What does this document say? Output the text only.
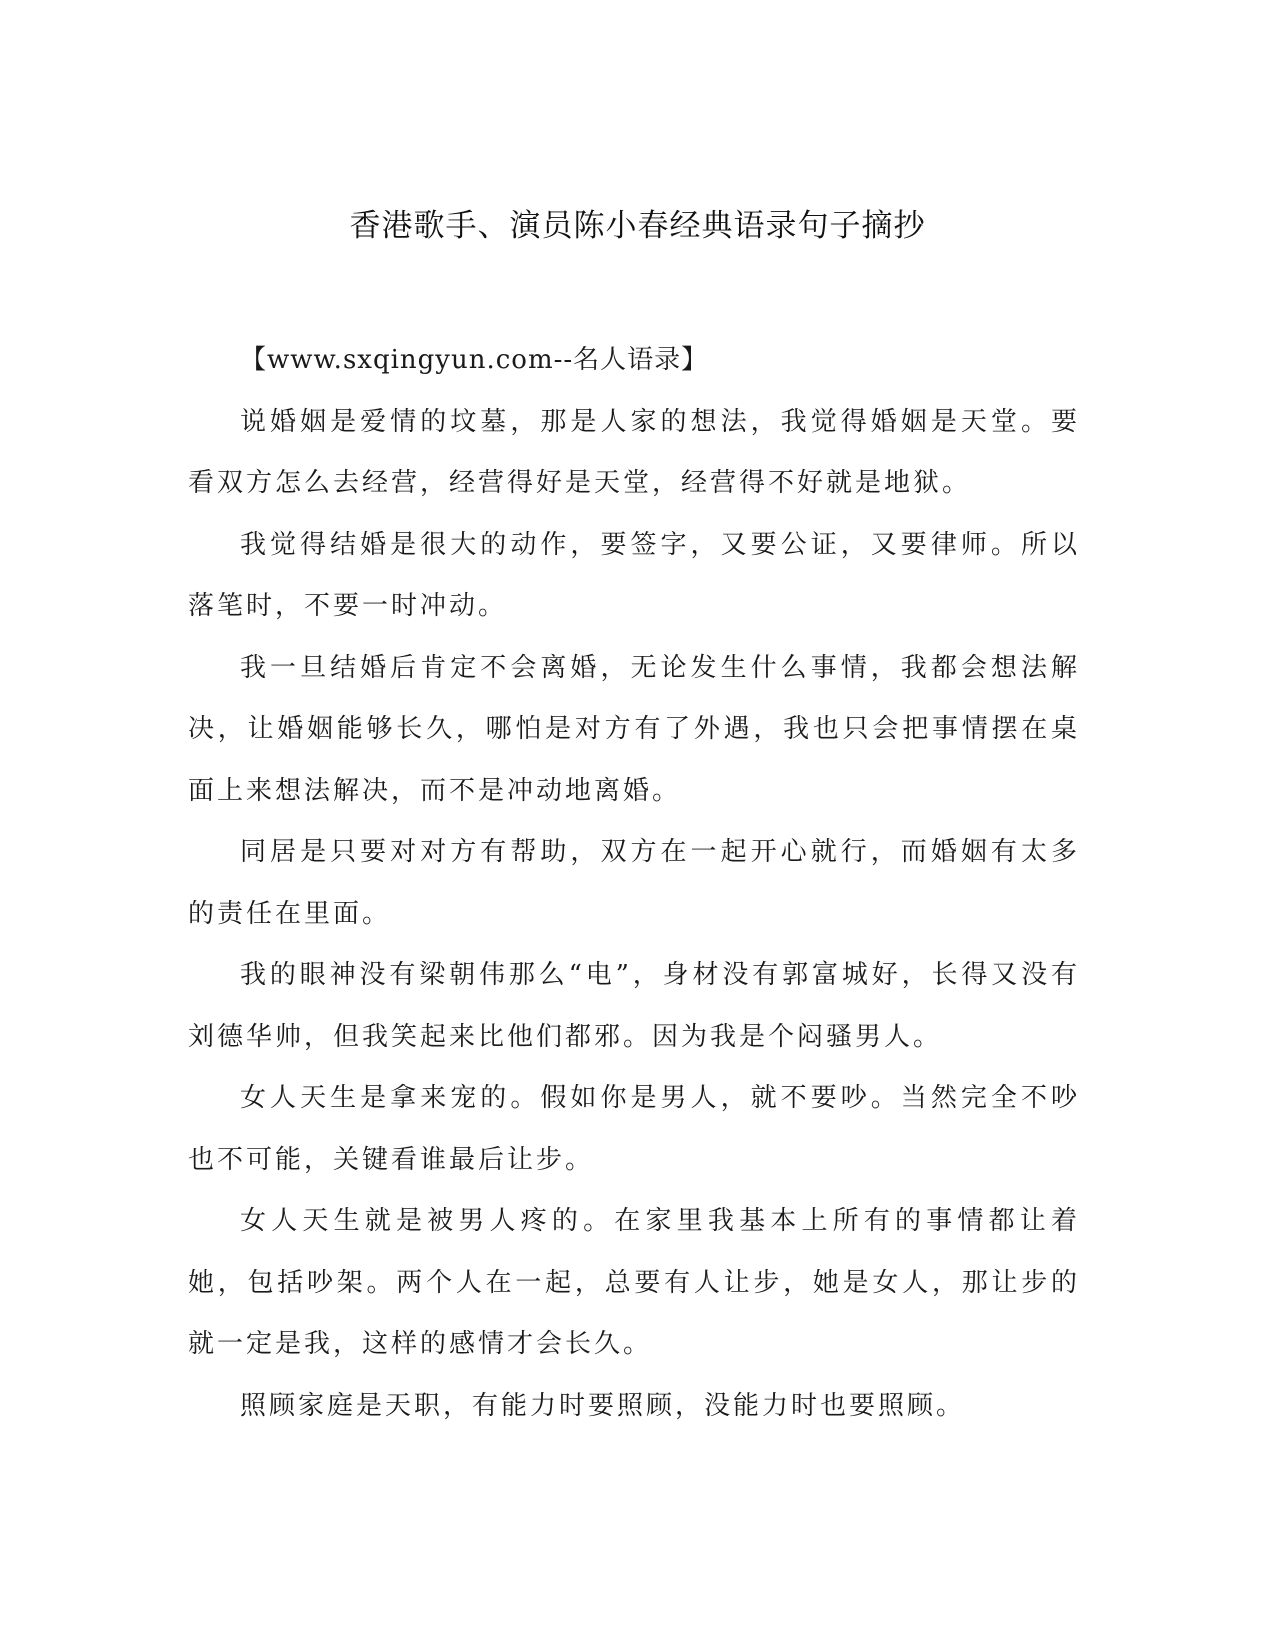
香港歌手、演员陈小春经典语录句子摘抄

【www.sxqingyun.com--名人语录】

说婚姻是爱情的坟墓，那是人家的想法，我觉得婚姻是天堂。要看双方怎么去经营，经营得好是天堂，经营得不好就是地狱。

我觉得结婚是很大的动作，要签字，又要公证，又要律师。所以落笔时，不要一时冲动。

我一旦结婚后肯定不会离婚，无论发生什么事情，我都会想法解决，让婚姻能够长久，哪怕是对方有了外遇，我也只会把事情摆在桌面上来想法解决，而不是冲动地离婚。

同居是只要对对方有帮助，双方在一起开心就行，而婚姻有太多的责任在里面。

我的眼神没有梁朝伟那么“电”，身材没有郭富城好，长得又没有刘德华帅，但我笑起来比他们都邪。因为我是个闷骚男人。

女人天生是拿来宠的。假如你是男人，就不要吵。当然完全不吵也不可能，关键看谁最后让步。

女人天生就是被男人疼的。在家里我基本上所有的事情都让着她，包括吵架。两个人在一起，总要有人让步，她是女人，那让步的就一定是我，这样的感情才会长久。

照顾家庭是天职，有能力时要照顾，没能力时也要照顾。
